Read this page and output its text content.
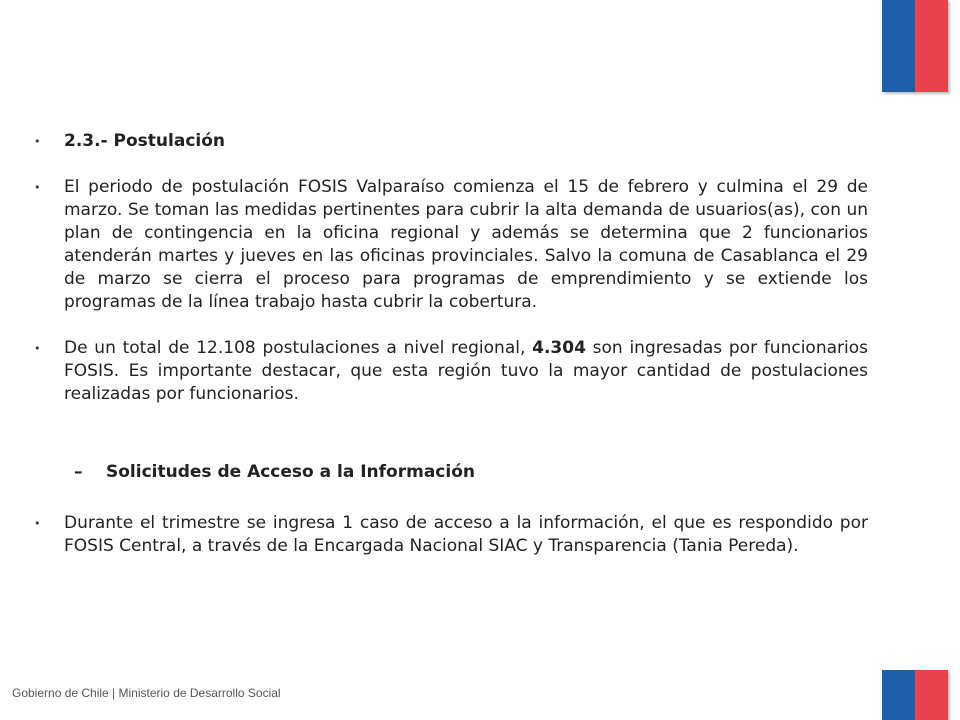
•	2.3.- Postulación
•	El periodo de postulación FOSIS Valparaíso comienza el 15 de febrero y culmina el 29 de marzo. Se toman las medidas pertinentes para cubrir la alta demanda de usuarios(as), con un plan de contingencia en la oficina regional y además se determina que 2 funcionarios atenderán martes y jueves en las oficinas provinciales. Salvo la comuna de Casablanca el 29 de marzo se cierra el proceso para programas de emprendimiento y se extiende los programas de la línea trabajo hasta cubrir la cobertura.
•	De un total de 12.108 postulaciones a nivel regional, 4.304 son ingresadas por funcionarios FOSIS. Es importante destacar, que esta región tuvo la mayor cantidad de postulaciones realizadas por funcionarios.
– Solicitudes de Acceso a la Información
•	Durante el trimestre se ingresa 1 caso de acceso a la información, el que es respondido por FOSIS Central, a través de la Encargada Nacional SIAC y Transparencia (Tania Pereda).
Gobierno de Chile | Ministerio de Desarrollo Social
